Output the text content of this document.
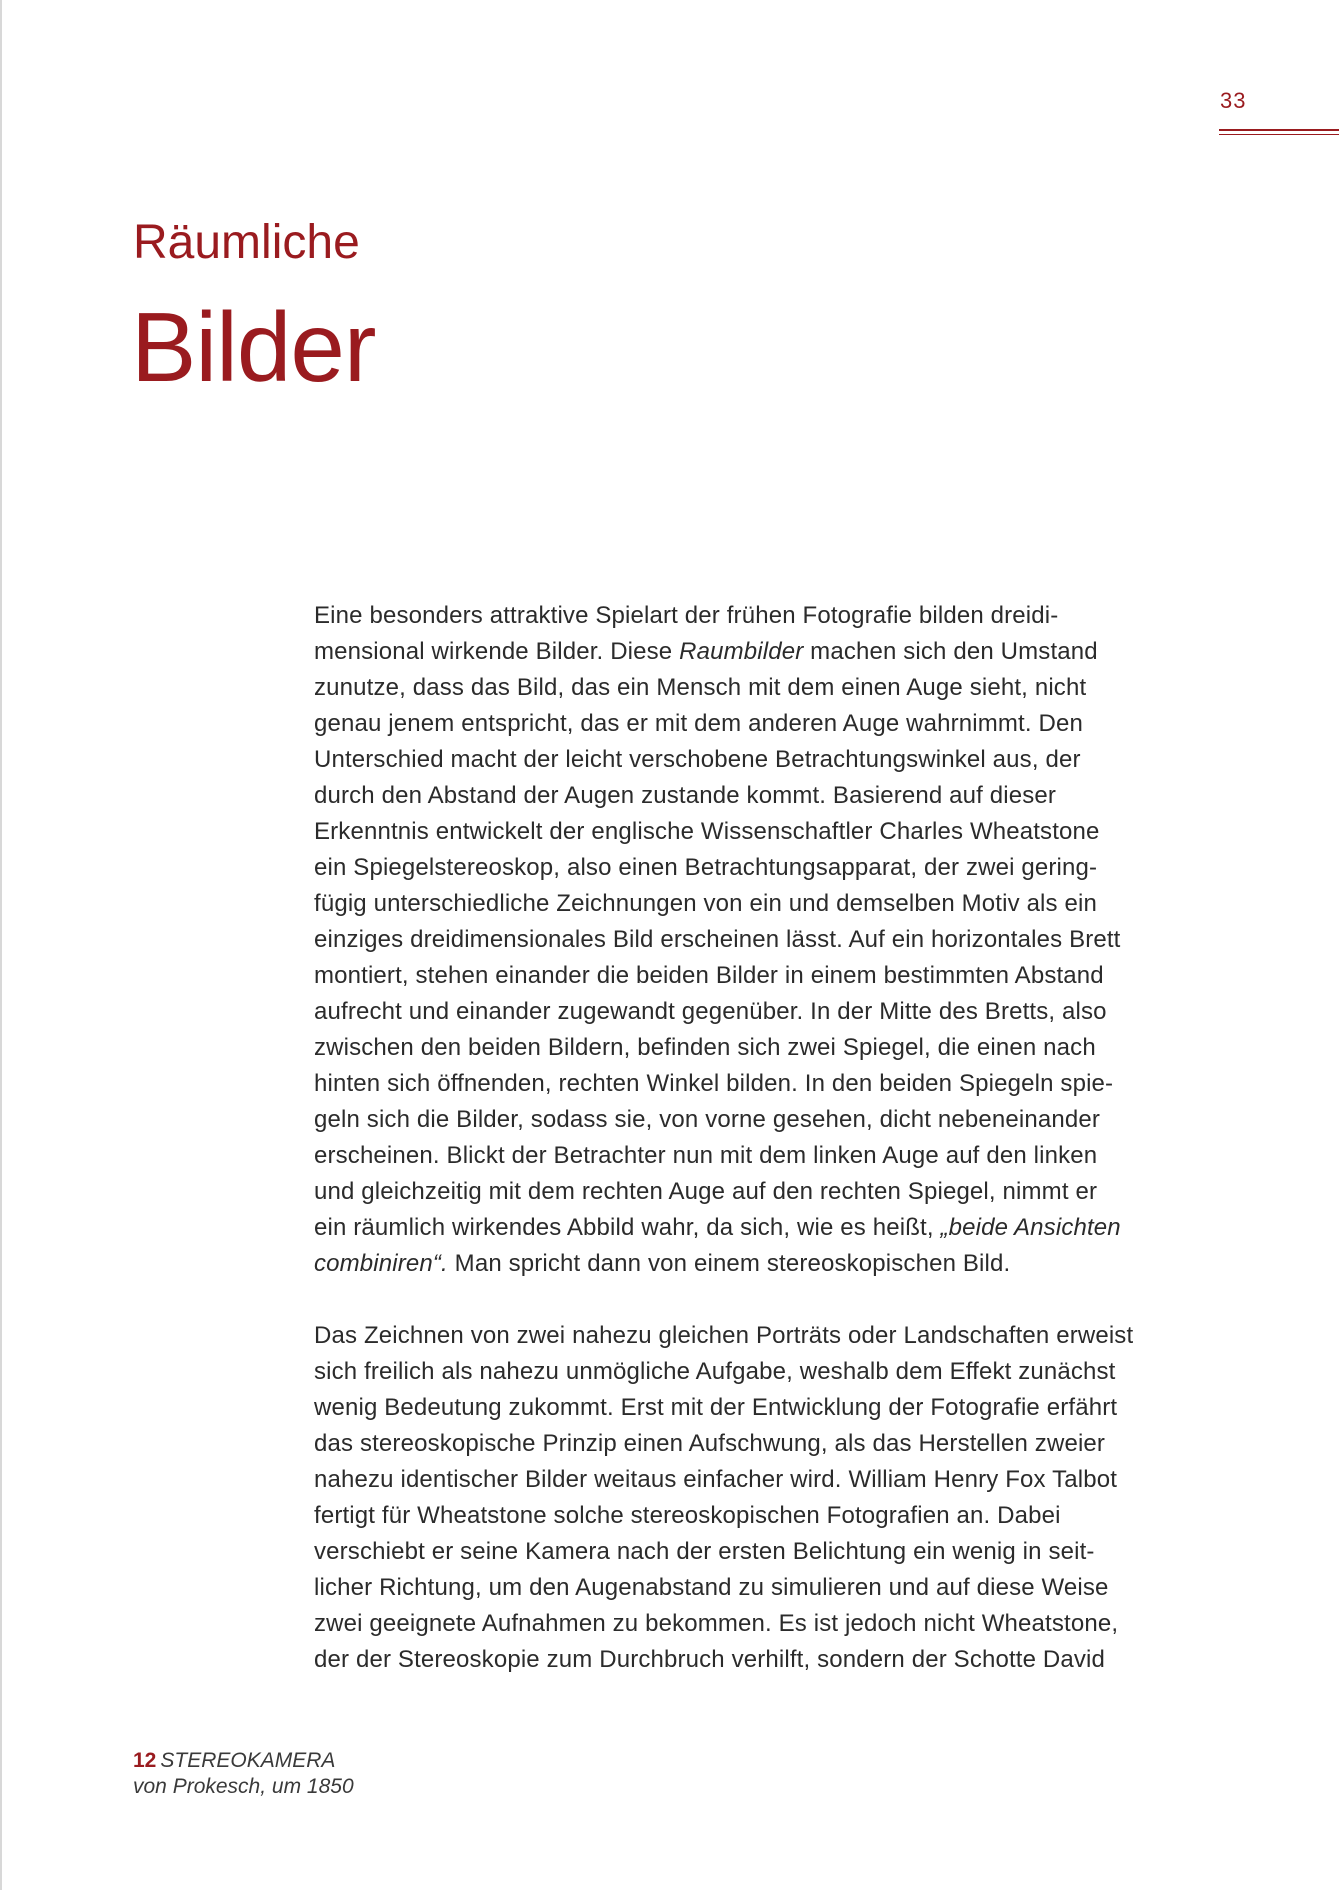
33
Räumliche
Bilder
Eine besonders attraktive Spielart der frühen Fotografie bilden dreidi-
mensional wirkende Bilder. Diese Raumbilder machen sich den Umstand
zunutze, dass das Bild, das ein Mensch mit dem einen Auge sieht, nicht
genau jenem entspricht, das er mit dem anderen Auge wahrnimmt. Den
Unterschied macht der leicht verschobene Betrachtungswinkel aus, der
durch den Abstand der Augen zustande kommt. Basierend auf dieser
Erkenntnis entwickelt der englische Wissenschaftler Charles Wheatstone
ein Spiegelstereoskop, also einen Betrachtungsapparat, der zwei gering-
fügig unterschiedliche Zeichnungen von ein und demselben Motiv als ein
einziges dreidimensionales Bild erscheinen lässt. Auf ein horizontales Brett
montiert, stehen einander die beiden Bilder in einem bestimmten Abstand
aufrecht und einander zugewandt gegenüber. In der Mitte des Bretts, also
zwischen den beiden Bildern, befinden sich zwei Spiegel, die einen nach
hinten sich öffnenden, rechten Winkel bilden. In den beiden Spiegeln spie-
geln sich die Bilder, sodass sie, von vorne gesehen, dicht nebeneinander
erscheinen. Blickt der Betrachter nun mit dem linken Auge auf den linken
und gleichzeitig mit dem rechten Auge auf den rechten Spiegel, nimmt er
ein räumlich wirkendes Abbild wahr, da sich, wie es heißt, „beide Ansichten
combiniren“. Man spricht dann von einem stereoskopischen Bild.
Das Zeichnen von zwei nahezu gleichen Porträts oder Landschaften erweist
sich freilich als nahezu unmögliche Aufgabe, weshalb dem Effekt zunächst
wenig Bedeutung zukommt. Erst mit der Entwicklung der Fotografie erfährt
das stereoskopische Prinzip einen Aufschwung, als das Herstellen zweier
nahezu identischer Bilder weitaus einfacher wird. William Henry Fox Talbot
fertigt für Wheatstone solche stereoskopischen Fotografien an. Dabei
verschiebt er seine Kamera nach der ersten Belichtung ein wenig in seit-
licher Richtung, um den Augenabstand zu simulieren und auf diese Weise
zwei geeignete Aufnahmen zu bekommen. Es ist jedoch nicht Wheatstone,
der der Stereoskopie zum Durchbruch verhilft, sondern der Schotte David
12 STEREOKAMERA
von Prokesch, um 1850
